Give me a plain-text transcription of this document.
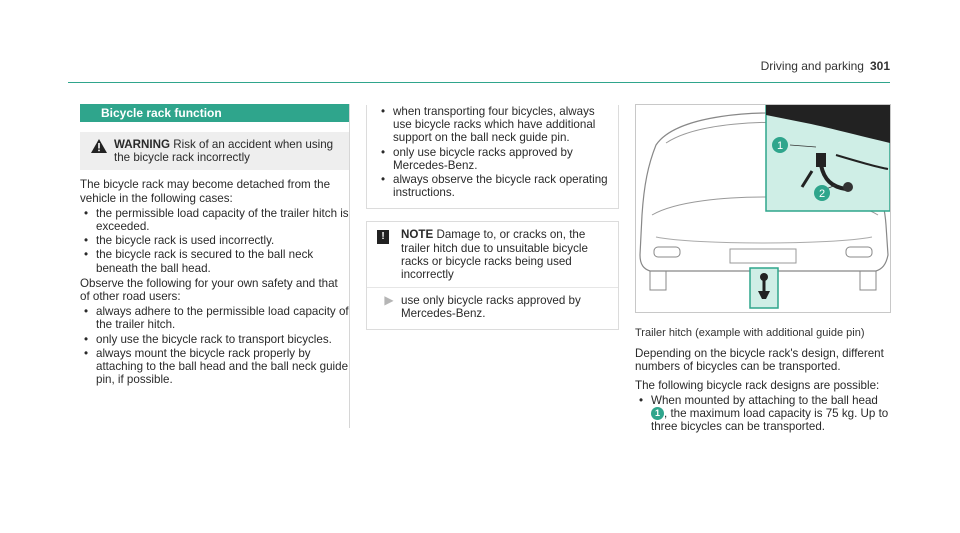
Driving and parking 301
Bicycle rack function
WARNING Risk of an accident when using the bicycle rack incorrectly

The bicycle rack may become detached from the vehicle in the following cases:

• the permissible load capacity of the trailer hitch is exceeded.
• the bicycle rack is used incorrectly.
• the bicycle rack is secured to the ball neck beneath the ball head.

Observe the following for your own safety and that of other road users:

• always adhere to the permissible load capacity of the trailer hitch.
• only use the bicycle rack to transport bicycles.
• always mount the bicycle rack properly by attaching to the ball head and the ball neck guide pin, if possible.
• when transporting four bicycles, always use bicycle racks which have additional support on the ball neck guide pin.
• only use bicycle racks approved by Mercedes-Benz.
• always observe the bicycle rack operating instructions.
!	NOTE Damage to, or cracks on, the trailer hitch due to unsuitable bicycle racks or bicycle racks being used incorrectly
▶ use only bicycle racks approved by Mercedes-Benz.
1
2
Trailer hitch (example with additional guide pin)

Depending on the bicycle rack's design, different numbers of bicycles can be transported.

The following bicycle rack designs are possible:

• When mounted by attaching to the ball head
1 , the maximum load capacity is 75 kg. Up to three bicycles can be transported.
